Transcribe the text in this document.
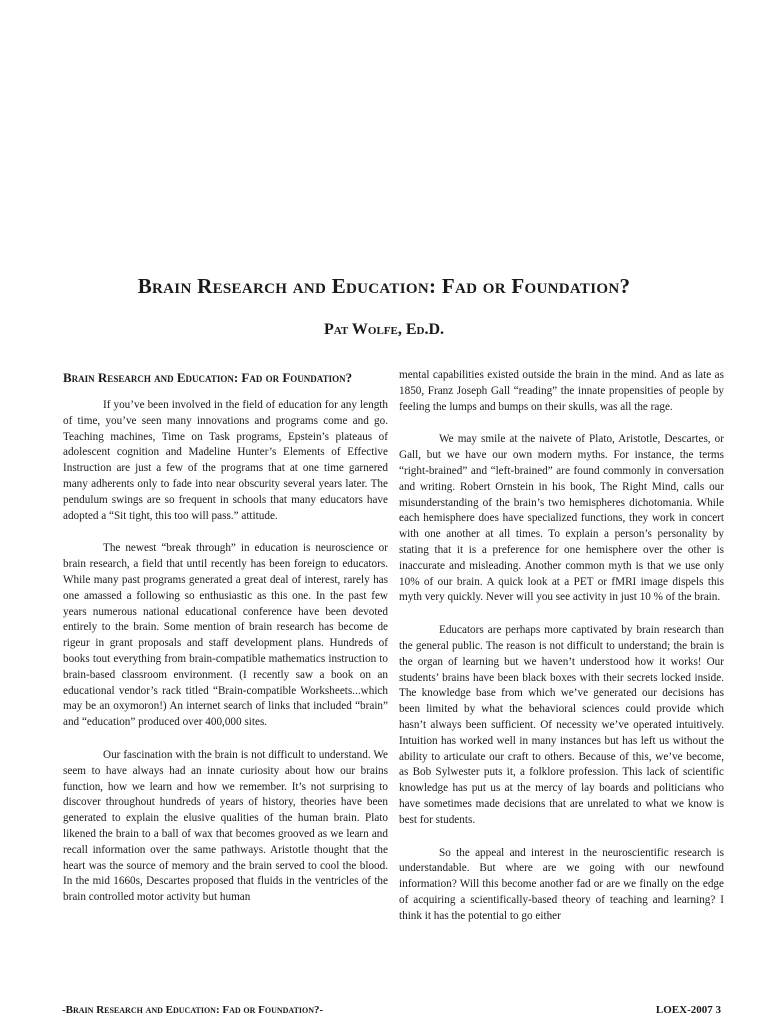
Brain Research and Education: Fad or Foundation?
Pat Wolfe, Ed.D.
Brain Research and Education: Fad or Foundation?

If you’ve been involved in the field of education for any length of time, you’ve seen many innovations and programs come and go. Teaching machines, Time on Task programs, Epstein’s plateaus of adolescent cognition and Madeline Hunter’s Elements of Effective Instruction are just a few of the programs that at one time garnered many adherents only to fade into near obscurity several years later. The pendulum swings are so frequent in schools that many educators have adopted a “Sit tight, this too will pass.” attitude.

The newest “break through” in education is neuroscience or brain research, a field that until recently has been foreign to educators. While many past programs generated a great deal of interest, rarely has one amassed a following so enthusiastic as this one. In the past few years numerous national educational conference have been devoted entirely to the brain. Some mention of brain research has become de rigeur in grant proposals and staff development plans. Hundreds of books tout everything from brain-compatible mathematics instruction to brain-based classroom environment. (I recently saw a book on an educational vendor’s rack titled “Brain-compatible Worksheets...which may be an oxymoron!) An internet search of links that included “brain” and “education” produced over 400,000 sites.

Our fascination with the brain is not difficult to understand. We seem to have always had an innate curiosity about how our brains function, how we learn and how we remember. It’s not surprising to discover throughout hundreds of years of history, theories have been generated to explain the elusive qualities of the human brain. Plato likened the brain to a ball of wax that becomes grooved as we learn and recall information over the same pathways. Aristotle thought that the heart was the source of memory and the brain served to cool the blood. In the mid 1660s, Descartes proposed that fluids in the ventricles of the brain controlled motor activity but human

mental capabilities existed outside the brain in the mind. And as late as 1850, Franz Joseph Gall “reading” the innate propensities of people by feeling the lumps and bumps on their skulls, was all the rage.

We may smile at the naivete of Plato, Aristotle, Descartes, or Gall, but we have our own modern myths. For instance, the terms “right-brained” and “left-brained” are found commonly in conversation and writing. Robert Ornstein in his book, The Right Mind, calls our misunderstanding of the brain’s two hemispheres dichotomania. While each hemisphere does have specialized functions, they work in concert with one another at all times. To explain a person’s personality by stating that it is a preference for one hemisphere over the other is inaccurate and misleading. Another common myth is that we use only 10% of our brain. A quick look at a PET or fMRI image dispels this myth very quickly. Never will you see activity in just 10 % of the brain.

Educators are perhaps more captivated by brain research than the general public. The reason is not difficult to understand; the brain is the organ of learning but we haven’t understood how it works! Our students’ brains have been black boxes with their secrets locked inside. The knowledge base from which we’ve generated our decisions has been limited by what the behavioral sciences could provide which hasn’t always been sufficient. Of necessity we’ve operated intuitively. Intuition has worked well in many instances but has left us without the ability to articulate our craft to others. Because of this, we’ve become, as Bob Sylwester puts it, a folklore profession. This lack of scientific knowledge has put us at the mercy of lay boards and politicians who have sometimes made decisions that are unrelated to what we know is best for students.

So the appeal and interest in the neuroscientific research is understandable. But where are we going with our newfound information? Will this become another fad or are we finally on the edge of acquiring a scientifically-based theory of teaching and learning? I think it has the potential to go either

-Brain Research and Education: Fad or Foundation?-	LOEX-2007 3
